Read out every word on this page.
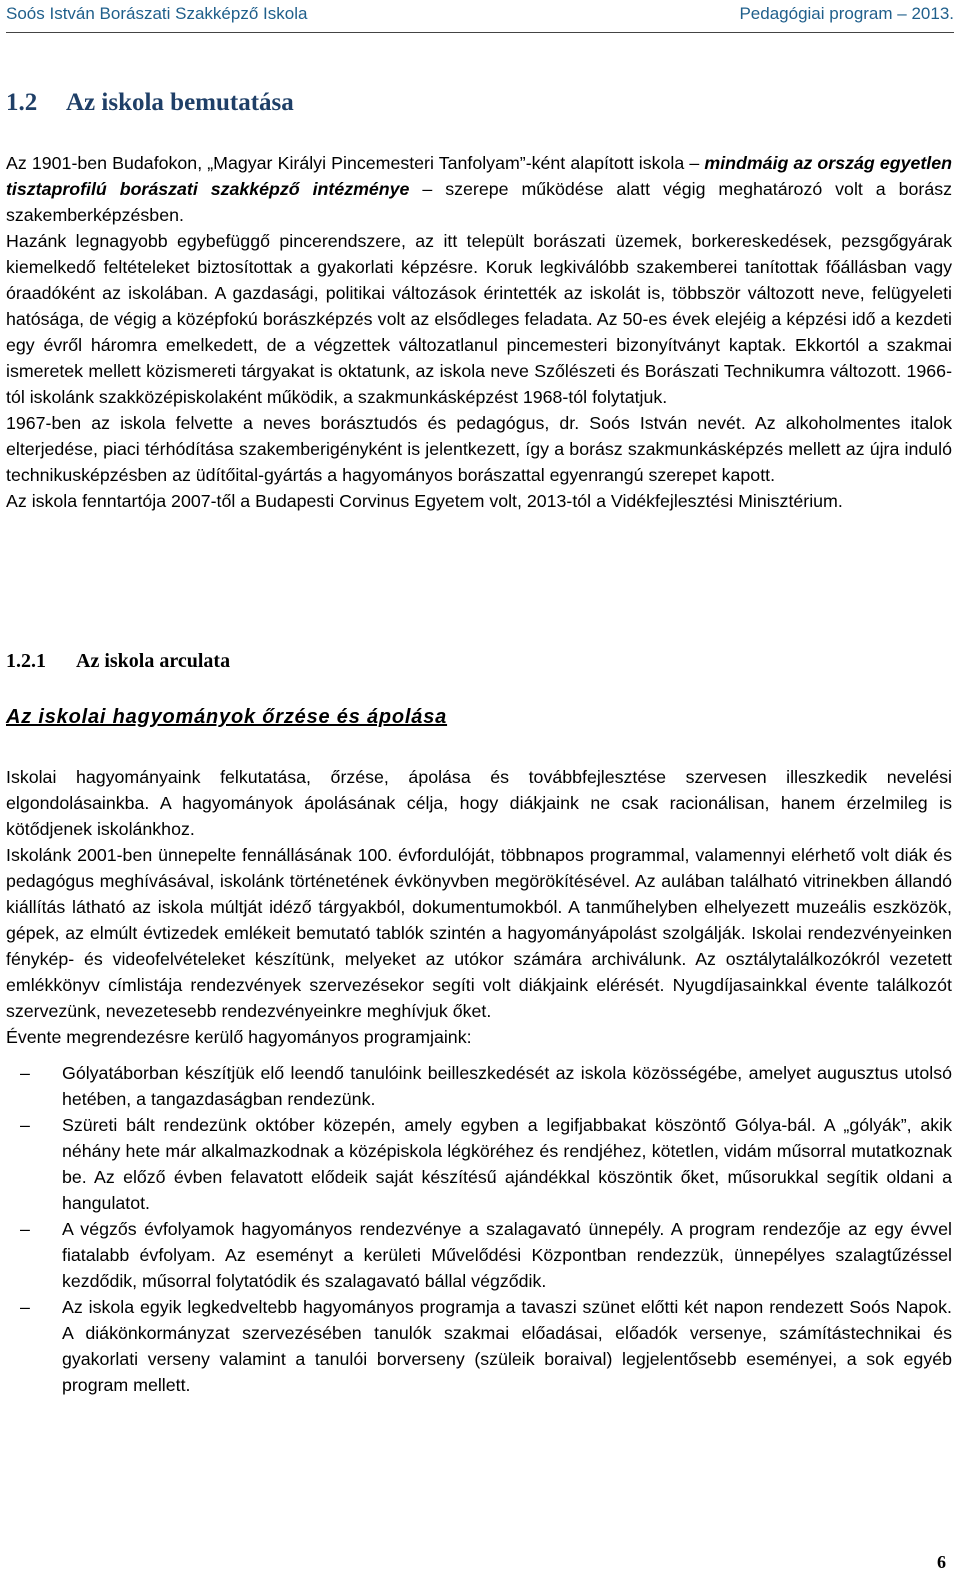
Soós István Borászati Szakképző Iskola	Pedagógiai program – 2013.
1.2 Az iskola bemutatása

Az 1901-ben Budafokon, „Magyar Királyi Pincemesteri Tanfolyam”-ként alapított iskola – mindmáig az ország egyetlen tisztaprofilú borászati szakképző intézménye – szerepe működése alatt végig meghatározó volt a borász szakemberképzésben.

Hazánk legnagyobb egybefüggő pincerendszere, az itt települt borászati üzemek, borkereskedések, pezsgőgyárak kiemelkedő feltételeket biztosítottak a gyakorlati képzésre. Koruk legkiválóbb szakemberei tanítottak főállásban vagy óraadóként az iskolában. A gazdasági, politikai változások érintették az iskolát is, többször változott neve, felügyeleti hatósága, de végig a középfokú borászképzés volt az elsődleges feladata. Az 50-es évek elejéig a képzési idő a kezdeti egy évről háromra emelkedett, de a végzettek változatlanul pincemesteri bizonyítványt kaptak. Ekkortól a szakmai ismeretek mellett közismereti tárgyakat is oktatunk, az iskola neve Szőlészeti és Borászati Technikumra változott. 1966-tól iskolánk szakközépiskolaként működik, a szakmunkásképzést 1968-tól folytatjuk.

1967-ben az iskola felvette a neves borásztudós és pedagógus, dr. Soós István nevét. Az alkoholmentes italok elterjedése, piaci térhódítása szakemberigényként is jelentkezett, így a borász szakmunkásképzés mellett az újra induló technikusképzésben az üdítőital-gyártás a hagyományos borászattal egyenrangú szerepet kapott.

Az iskola fenntartója 2007-től a Budapesti Corvinus Egyetem volt, 2013-tól a Vidékfejlesztési Minisztérium.

1.2.1 Az iskola arculata
Az iskolai hagyományok őrzése és ápolása

Iskolai hagyományaink felkutatása, őrzése, ápolása és továbbfejlesztése szervesen illeszkedik nevelési elgondolásainkba. A hagyományok ápolásának célja, hogy diákjaink ne csak racionálisan, hanem érzelmileg is kötődjenek iskolánkhoz.

Iskolánk 2001-ben ünnepelte fennállásának 100. évfordulóját, többnapos programmal, valamennyi elérhető volt diák és pedagógus meghívásával, iskolánk történetének évkönyvben megörökítésével. Az aulában található vitrinekben állandó kiállítás látható az iskola múltját idéző tárgyakból, dokumentumokból. A tanműhelyben elhelyezett muzeális eszközök, gépek, az elmúlt évtizedek emlékeit bemutató tablók szintén a hagyományápolást szolgálják. Iskolai rendezvényeinken fénykép- és videofelvételeket készítünk, melyeket az utókor számára archiválunk. Az osztálytalálkozókról vezetett emlékkönyv címlistája rendezvények szervezésekor segíti volt diákjaink elérését. Nyugdíjasainkkal évente találkozót szervezünk, nevezetesebb rendezvényeinkre meghívjuk őket.

Évente megrendezésre kerülő hagyományos programjaink:

–	Gólyatáborban készítjük elő leendő tanulóink beilleszkedését az iskola közösségébe, amelyet augusztus utolsó hetében, a tangazdaságban rendezünk.
–	Szüreti bált rendezünk október közepén, amely egyben a legifjabbakat köszöntő Gólya-bál. A „gólyák”, akik néhány hete már alkalmazkodnak a középiskola légköréhez és rendjéhez, kötetlen, vidám műsorral mutatkoznak be. Az előző évben felavatott elődeik saját készítésű ajándékkal köszöntik őket, műsorukkal segítik oldani a hangulatot.
–	A végzős évfolyamok hagyományos rendezvénye a szalagavató ünnepély. A program rendezője az egy évvel fiatalabb évfolyam. Az eseményt a kerületi Művelődési Központban rendezzük, ünnepélyes szalagtűzéssel kezdődik, műsorral folytatódik és szalagavató bállal végződik.
–	Az iskola egyik legkedveltebb hagyományos programja a tavaszi szünet előtti két napon rendezett Soós Napok. A diákönkormányzat szervezésében tanulók szakmai előadásai, előadók versenye, számítástechnikai és gyakorlati verseny valamint a tanulói borverseny (szüleik boraival) legjelentősebb eseményei, a sok egyéb program mellett.
6
